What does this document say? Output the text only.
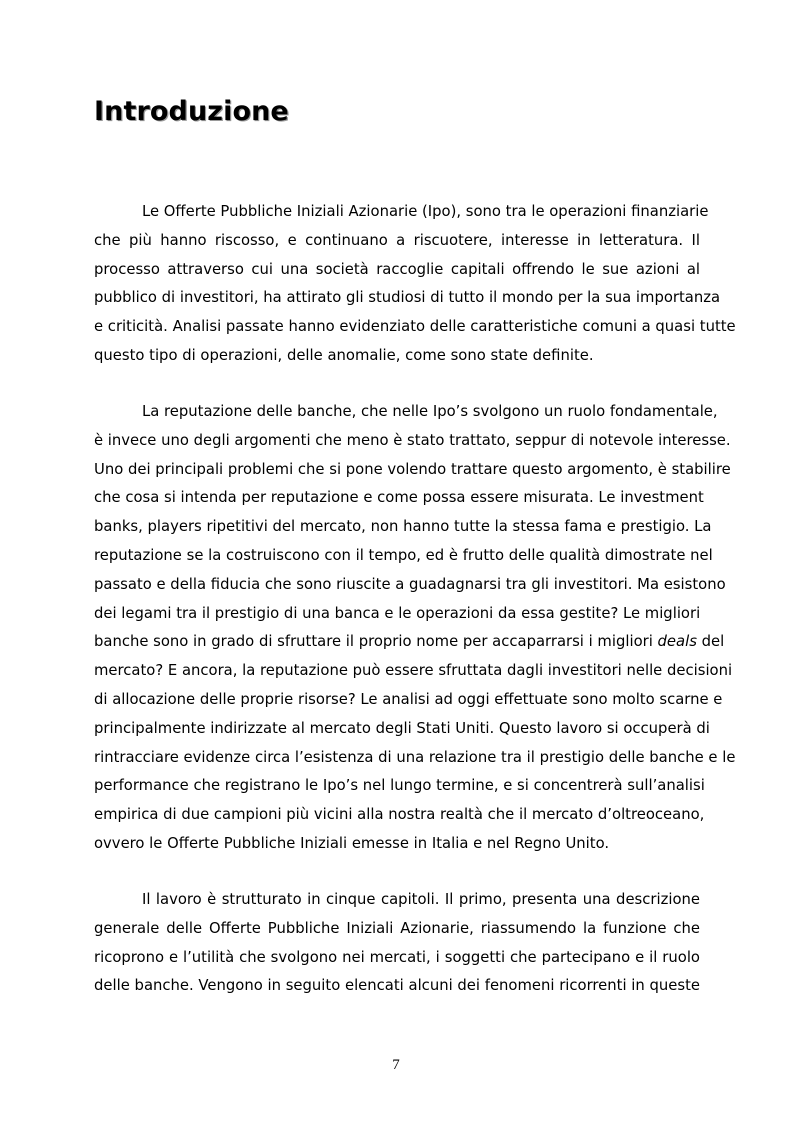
Introduzione

Le Offerte Pubbliche Iniziali Azionarie (Ipo), sono tra le operazioni finanziarie
che più hanno riscosso, e continuano a riscuotere, interesse in letteratura. Il
processo attraverso cui una società raccoglie capitali offrendo le sue azioni al
pubblico di investitori, ha attirato gli studiosi di tutto il mondo per la sua importanza
e criticità. Analisi passate hanno evidenziato delle caratteristiche comuni a quasi tutte
questo tipo di operazioni, delle anomalie, come sono state definite.

La reputazione delle banche, che nelle Ipo’s svolgono un ruolo fondamentale,
è invece uno degli argomenti che meno è stato trattato, seppur di notevole interesse.
Uno dei principali problemi che si pone volendo trattare questo argomento, è stabilire
che cosa si intenda per reputazione e come possa essere misurata. Le investment
banks, players ripetitivi del mercato, non hanno tutte la stessa fama e prestigio. La
reputazione se la costruiscono con il tempo, ed è frutto delle qualità dimostrate nel
passato e della fiducia che sono riuscite a guadagnarsi tra gli investitori. Ma esistono
dei legami tra il prestigio di una banca e le operazioni da essa gestite? Le migliori
banche sono in grado di sfruttare il proprio nome per accaparrarsi i migliori deals del
mercato? E ancora, la reputazione può essere sfruttata dagli investitori nelle decisioni
di allocazione delle proprie risorse? Le analisi ad oggi effettuate sono molto scarne e
principalmente indirizzate al mercato degli Stati Uniti. Questo lavoro si occuperà di
rintracciare evidenze circa l’esistenza di una relazione tra il prestigio delle banche e le
performance che registrano le Ipo’s nel lungo termine, e si concentrerà sull’analisi
empirica di due campioni più vicini alla nostra realtà che il mercato d’oltreoceano,
ovvero le Offerte Pubbliche Iniziali emesse in Italia e nel Regno Unito.

Il lavoro è strutturato in cinque capitoli. Il primo, presenta una descrizione
generale delle Offerte Pubbliche Iniziali Azionarie, riassumendo la funzione che
ricoprono e l’utilità che svolgono nei mercati, i soggetti che partecipano e il ruolo
delle banche. Vengono in seguito elencati alcuni dei fenomeni ricorrenti in queste

7
